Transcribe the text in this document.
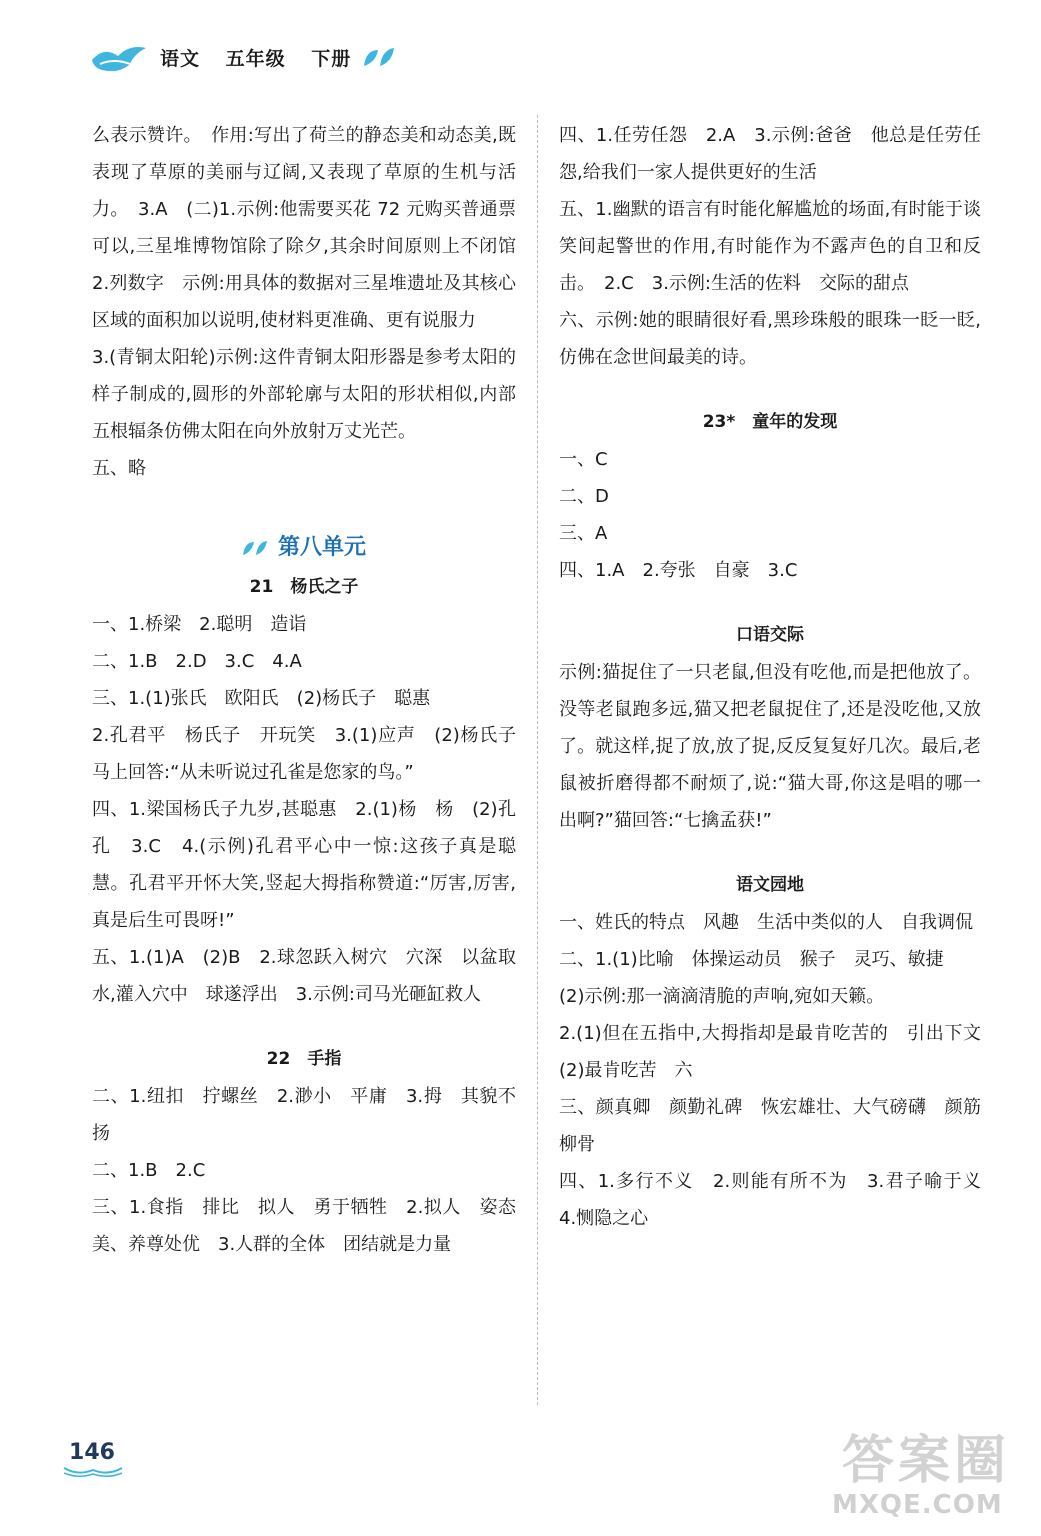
语文 五年级 下册

么表示赞许。　作用:写出了荷兰的静态美和动态美,既表现了草原的美丽与辽阔,又表现了草原的生机与活力。　3.A　(二)1.示例:他需要买花 72 元购买普通票　可以,三星堆博物馆除了除夕,其余时间原则上不闭馆　2.列数字　示例:用具体的数据对三星堆遗址及其核心区域的面积加以说明,使材料更准确、更有说服力

3.(青铜太阳轮)示例:这件青铜太阳形器是参考太阳的样子制成的,圆形的外部轮廓与太阳的形状相似,内部五根辐条仿佛太阳在向外放射万丈光芒。

五、略

第八单元

21　杨氏之子

一、1.桥梁　2.聪明　造诣

二、1.B　2.D　3.C　4.A

三、1.(1)张氏　欧阳氏　(2)杨氏子　聪惠

2.孔君平　杨氏子　开玩笑　3.(1)应声　(2)杨氏子马上回答:“从未听说过孔雀是您家的鸟。”

四、1.梁国杨氏子九岁,甚聪惠　2.(1)杨　杨　(2)孔　孔　3.C　4.(示例)孔君平心中一惊:这孩子真是聪慧。孔君平开怀大笑,竖起大拇指称赞道:“厉害,厉害,真是后生可畏呀!”

五、1.(1)A　(2)B　2.球忽跃入树穴　穴深　以盆取水,灌入穴中　球遂浮出　3.示例:司马光砸缸救人

22　手指

二、1.纽扣　拧螺丝　2.渺小　平庸　3.拇　其貌不扬

二、1.B　2.C

三、1.食指　排比　拟人　勇于牺牲　2.拟人　姿态美、养尊处优　3.人群的全体　团结就是力量

四、1.任劳任怨　2.A　3.示例:爸爸　他总是任劳任怨,给我们一家人提供更好的生活

五、1.幽默的语言有时能化解尴尬的场面,有时能于谈笑间起警世的作用,有时能作为不露声色的自卫和反击。　2.C　3.示例:生活的佐料　交际的甜点

六、示例:她的眼睛很好看,黑珍珠般的眼珠一眨一眨,仿佛在念世间最美的诗。

23*　童年的发现

一、C

二、D

三、A

四、1.A　2.夸张　自豪　3.C

口语交际

示例:猫捉住了一只老鼠,但没有吃他,而是把他放了。没等老鼠跑多远,猫又把老鼠捉住了,还是没吃他,又放了。就这样,捉了放,放了捉,反反复复好几次。最后,老鼠被折磨得都不耐烦了,说:“猫大哥,你这是唱的哪一出啊?”猫回答:“七擒孟获!”

语文园地

一、姓氏的特点　风趣　生活中类似的人　自我调侃

二、1.(1)比喻　体操运动员　猴子　灵巧、敏捷

(2)示例:那一滴滴清脆的声响,宛如天籁。

2.(1)但在五指中,大拇指却是最肯吃苦的　引出下文　(2)最肯吃苦　六

三、颜真卿　颜勤礼碑　恢宏雄壮、大气磅礴　颜筋柳骨

四、1.多行不义　2.则能有所不为　3.君子喻于义　4.恻隐之心

146	答案圈
MXQE.COM
